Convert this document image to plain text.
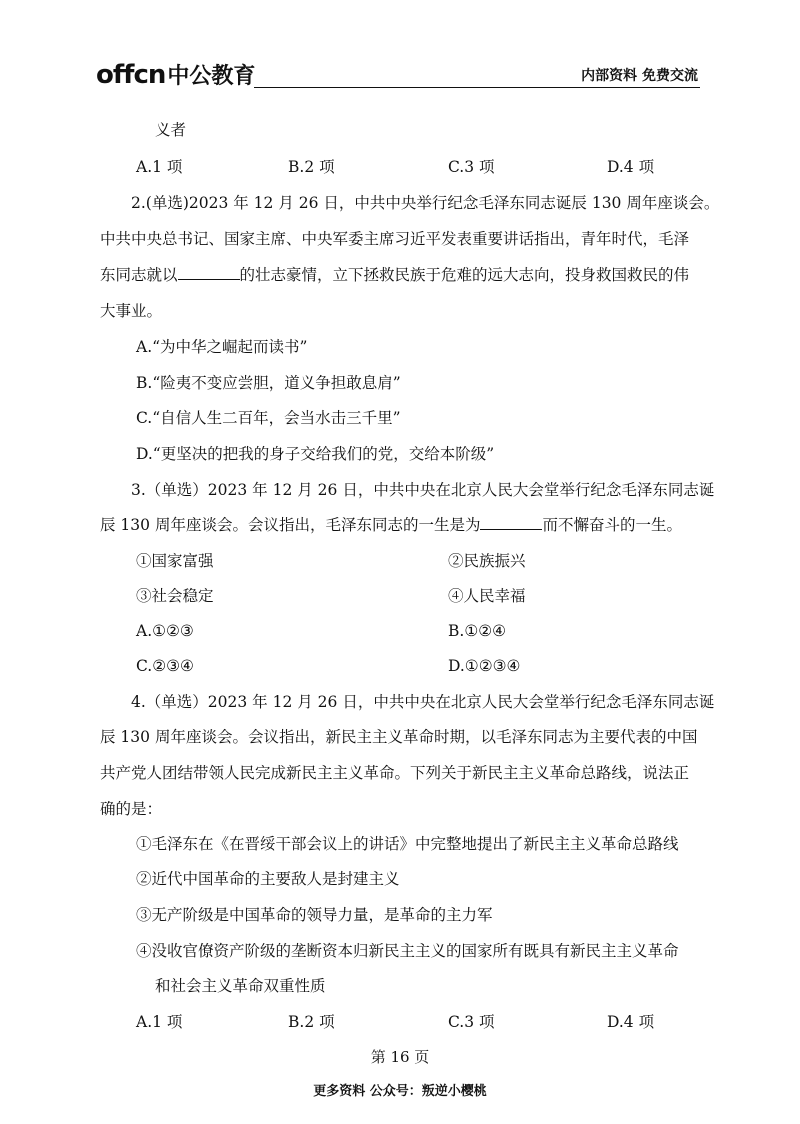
offcn 中公教育	内部资料 免费交流
义者
A.1 项	B.2 项	C.3 项	D.4 项
2.(单选)2023 年 12 月 26 日，中共中央举行纪念毛泽东同志诞辰 130 周年座谈会。
中共中央总书记、国家主席、中央军委主席习近平发表重要讲话指出，青年时代，毛泽
东同志就以	的壮志豪情，立下拯救民族于危难的远大志向，投身救国救民的伟
大事业。
A.“为中华之崛起而读书”
B.“险夷不变应尝胆，道义争担敢息肩”
C.“自信人生二百年，会当水击三千里”
D.“更坚决的把我的身子交给我们的党，交给本阶级”
3.（单选）2023 年 12 月 26 日，中共中央在北京人民大会堂举行纪念毛泽东同志诞
辰 130 周年座谈会。会议指出，毛泽东同志的一生是为	而不懈奋斗的一生。
①国家富强	②民族振兴
③社会稳定	④人民幸福
A.①②③	B.①②④
C.②③④	D.①②③④
4.（单选）2023 年 12 月 26 日，中共中央在北京人民大会堂举行纪念毛泽东同志诞
辰 130 周年座谈会。会议指出，新民主主义革命时期，以毛泽东同志为主要代表的中国
共产党人团结带领人民完成新民主主义革命。下列关于新民主主义革命总路线，说法正
确的是：
①毛泽东在《在晋绥干部会议上的讲话》中完整地提出了新民主主义革命总路线
②近代中国革命的主要敌人是封建主义
③无产阶级是中国革命的领导力量，是革命的主力军
④没收官僚资产阶级的垄断资本归新民主主义的国家所有既具有新民主主义革命
和社会主义革命双重性质
A.1 项	B.2 项	C.3 项	D.4 项
第 16 页
更多资料 公众号：叛逆小樱桃
